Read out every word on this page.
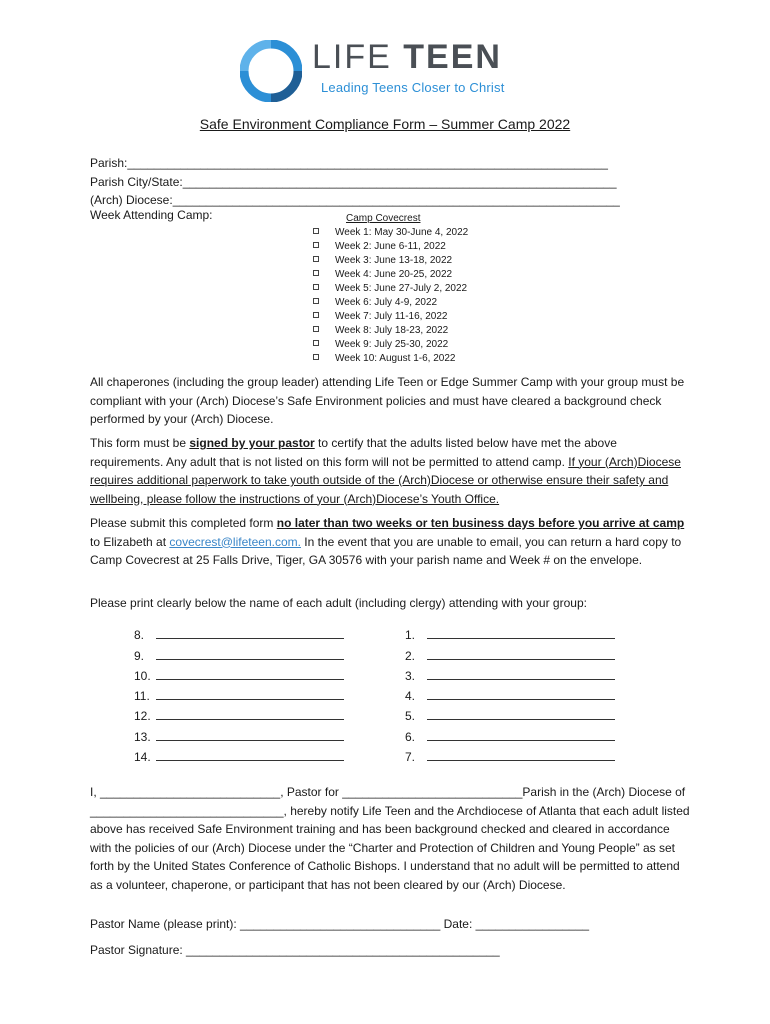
LIFE TEEN
Leading Teens Closer to Christ
Safe Environment Compliance Form – Summer Camp 2022
Parish:________________________________________________________________________
Parish City/State:_________________________________________________________________
(Arch) Diocese:___________________________________________________________________
Week Attending Camp:	Camp Covecrest
Week 1: May 30-June 4, 2022
Week 2: June 6-11, 2022
Week 3: June 13-18, 2022
Week 4: June 20-25, 2022
Week 5: June 27-July 2, 2022
Week 6: July 4-9, 2022
Week 7: July 11-16, 2022
Week 8: July 18-23, 2022
Week 9: July 25-30, 2022
Week 10: August 1-6, 2022

All chaperones (including the group leader) attending Life Teen or Edge Summer Camp with your group must be compliant with your (Arch) Diocese’s Safe Environment policies and must have cleared a background check performed by your (Arch) Diocese.

This form must be signed by your pastor to certify that the adults listed below have met the above requirements. Any adult that is not listed on this form will not be permitted to attend camp. If your (Arch)Diocese requires additional paperwork to take youth outside of the (Arch)Diocese or otherwise ensure their safety and wellbeing, please follow the instructions of your (Arch)Diocese’s Youth Office.

Please submit this completed form no later than two weeks or ten business days before you arrive at camp to Elizabeth at covecrest@lifeteen.com. In the event that you are unable to email, you can return a hard copy to Camp Covecrest at 25 Falls Drive, Tiger, GA 30576 with your parish name and Week # on the envelope.

Please print clearly below the name of each adult (including clergy) attending with your group:

8.
9.
10.
11.
12.
13.
14.
1.
2.
3.
4.
5.
6.
7.

I, ___________________________, Pastor for ___________________________Parish in the (Arch) Diocese of _____________________________, hereby notify Life Teen and the Archdiocese of Atlanta that each adult listed above has received Safe Environment training and has been background checked and cleared in accordance with the policies of our (Arch) Diocese under the “Charter and Protection of Children and Young People” as set forth by the United States Conference of Catholic Bishops. I understand that no adult will be permitted to attend as a volunteer, chaperone, or participant that has not been cleared by our (Arch) Diocese.

Pastor Name (please print): ______________________________ Date: _________________
Pastor Signature: _______________________________________________
